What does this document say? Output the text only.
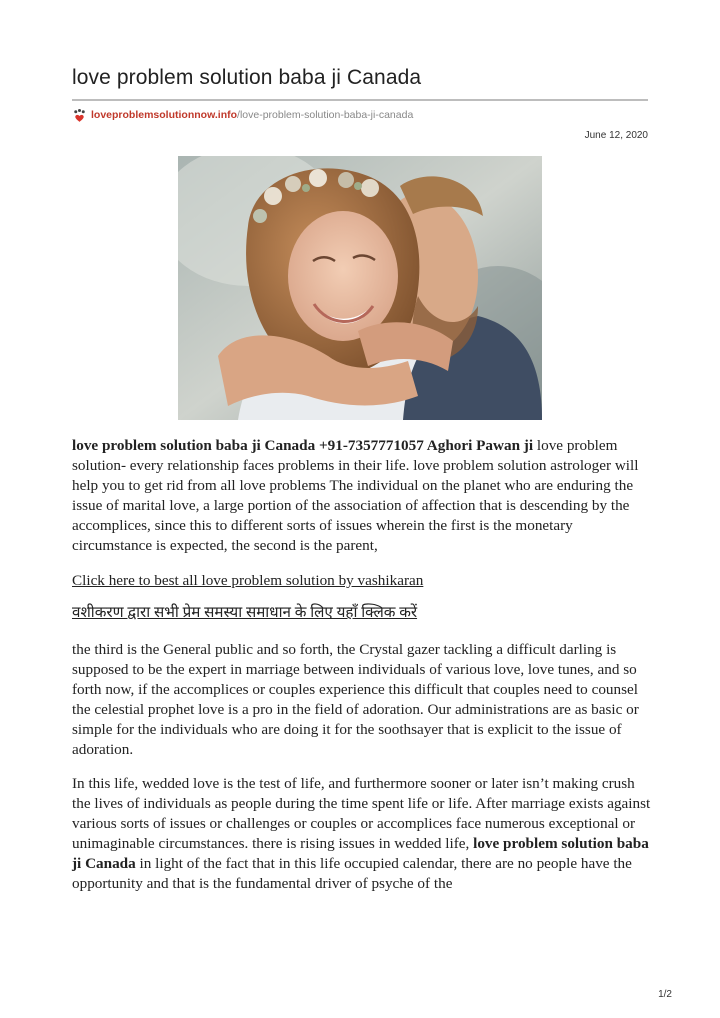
love problem solution baba ji Canada
loveproblemsolutionnow.info /love-problem-solution-baba-ji-canada
June 12, 2020

love problem solution baba ji Canada +91-7357771057 Aghori Pawan ji love problem solution- every relationship faces problems in their life. love problem solution astrologer will help you to get rid from all love problems The individual on the planet who are enduring the issue of marital love, a large portion of the association of affection that is descending by the accomplices, since this to different sorts of issues wherein the first is the monetary circumstance is expected, the second is the parent,

Click here to best all love problem solution by vashikaran
वशीकरण द्वारा सभी प्रेम समस्या समाधान के लिए यहाँ क्लिक करें

the third is the General public and so forth, the Crystal gazer tackling a difficult darling is supposed to be the expert in marriage between individuals of various love, love tunes, and so forth now, if the accomplices or couples experience this difficult that couples need to counsel the celestial prophet love is a pro in the field of adoration. Our administrations are as basic or simple for the individuals who are doing it for the soothsayer that is explicit to the issue of adoration.

In this life, wedded love is the test of life, and furthermore sooner or later isn’t making crush the lives of individuals as people during the time spent life or life. After marriage exists against various sorts of issues or challenges or couples or accomplices face numerous exceptional or unimaginable circumstances. there is rising issues in wedded life, love problem solution baba ji Canada in light of the fact that in this life occupied calendar, there are no people have the opportunity and that is the fundamental driver of psyche of the

1/2
